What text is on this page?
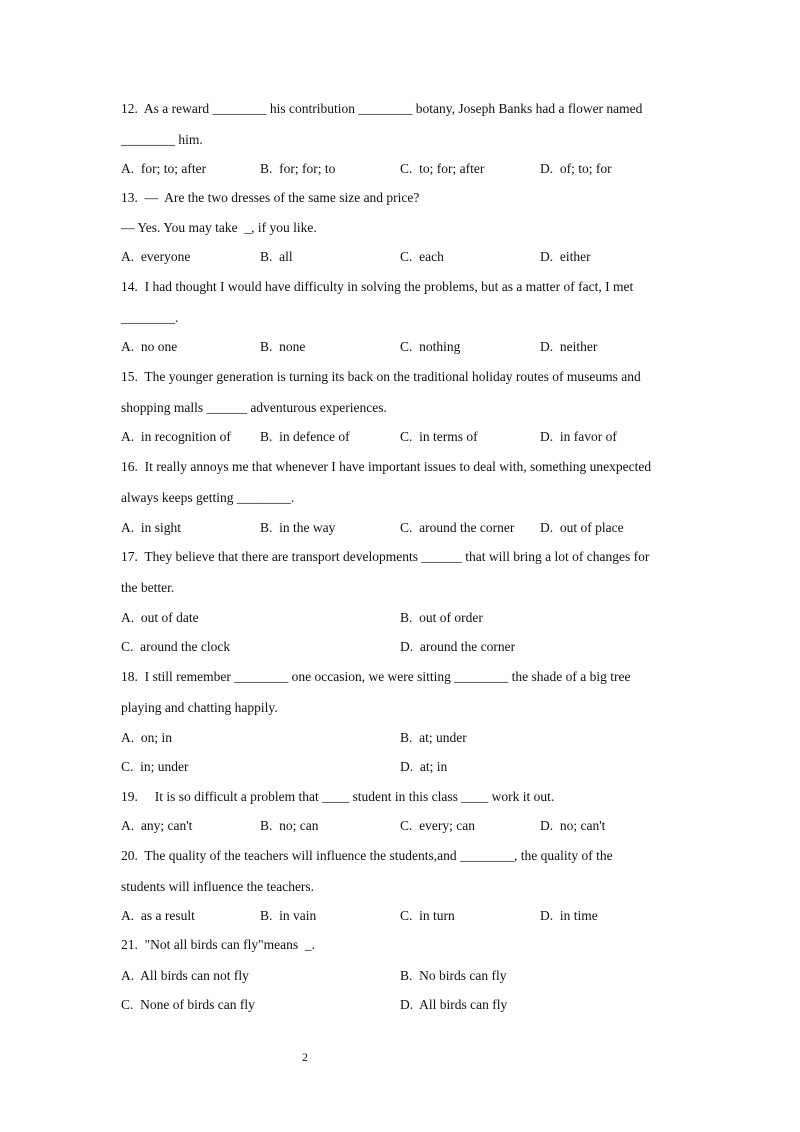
12.  As a reward ________ his contribution ________ botany, Joseph Banks had a flower named
________ him.
A.  for; to; after	B.  for; for; to	C.  to; for; after	D.  of; to; for
13.  —  Are the two dresses of the same size and price?
— Yes. You may take  _, if you like.
A.  everyone	B.  all	C.  each	D.  either
14.  I had thought I would have difficulty in solving the problems, but as a matter of fact, I met
________.
A.  no one	B.  none	C.  nothing	D.  neither
15.  The younger generation is turning its back on the traditional holiday routes of museums and
shopping malls ______ adventurous experiences.
A.  in recognition of B.  in defence of	C.  in terms of	D.  in favor of
16.  It really annoys me that whenever I have important issues to deal with, something unexpected
always keeps getting ________.
A.  in sight	B.  in the way	C.  around the corner D.  out of place
17.  They believe that there are transport developments ______ that will bring a lot of changes for
the better.
A.  out of date	B.  out of order
C.  around the clock	D.  around the corner
18.  I still remember ________ one occasion, we were sitting ________ the shade of a big tree
playing and chatting happily.
A.  on; in	B.  at; under
C.  in; under	D.  at; in
19.     It is so difficult a problem that ____ student in this class ____ work it out.
A.  any; can't	B.  no; can	C.  every; can	D.  no; can't
20.  The quality of the teachers will influence the students,and ________, the quality of the
students will influence the teachers.
A.  as a result	B.  in vain	C.  in turn	D.  in time
21.  "Not all birds can fly"means  _.
A.  All birds can not fly	B.  No birds can fly
C.  None of birds can fly	D.  All birds can fly
2
